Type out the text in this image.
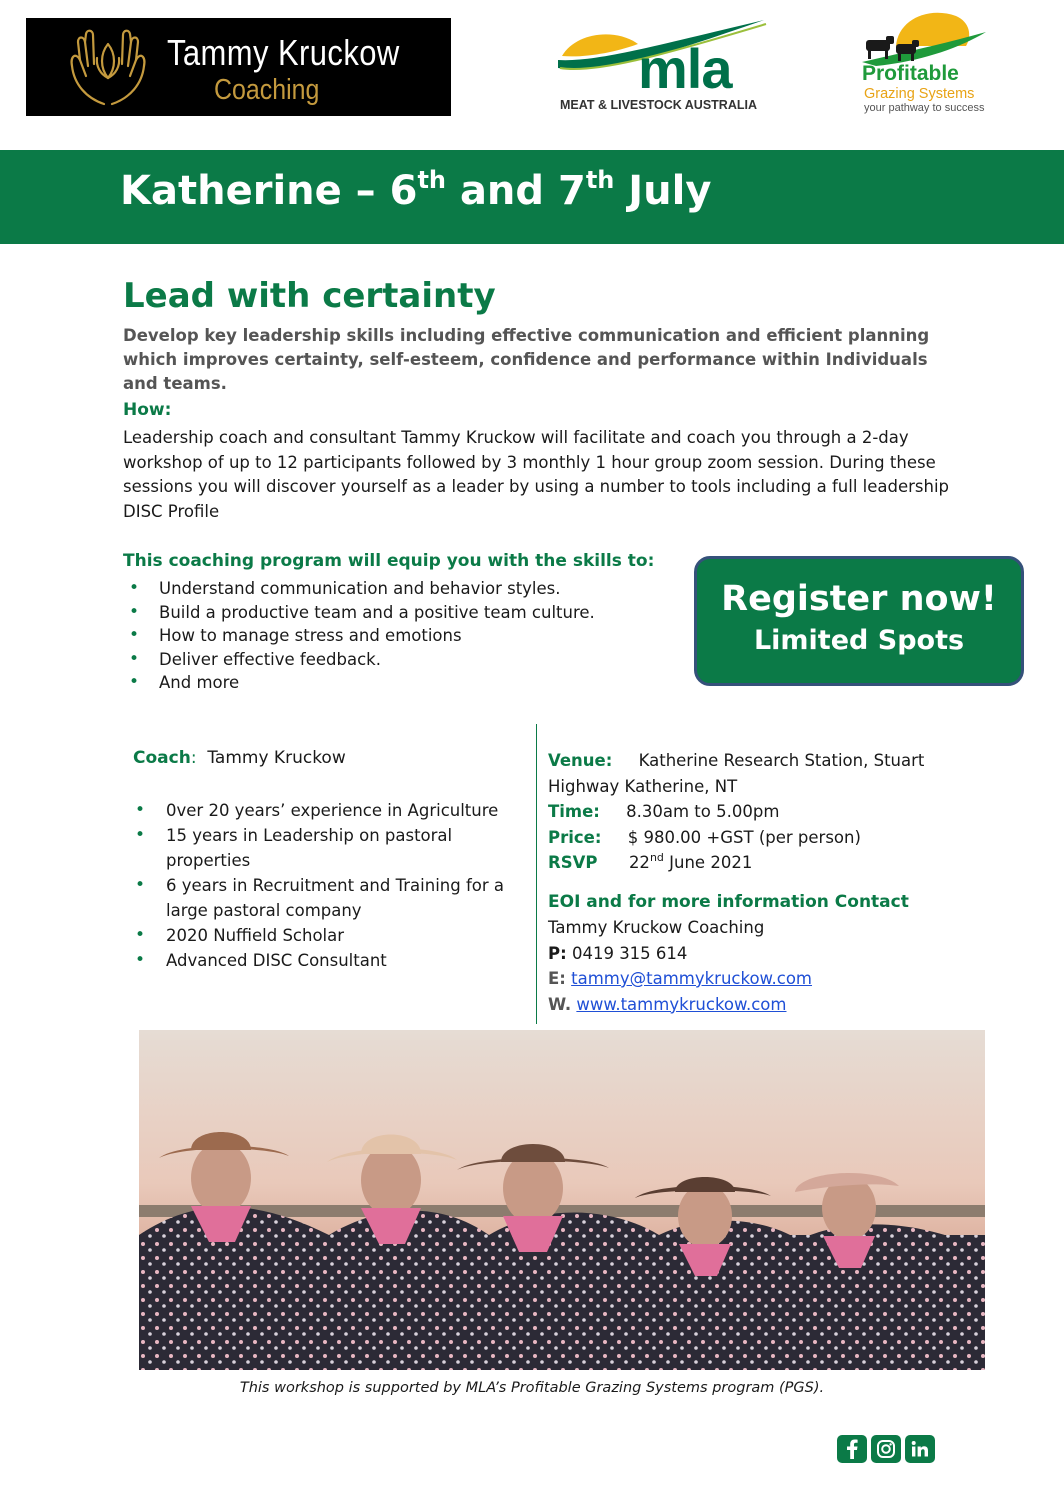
Tammy Kruckow
Coaching	mla
MEAT & LIVESTOCK AUSTRALIA
Profitable
Grazing Systems
your pathway to success
Katherine – 6th and 7th July
Lead with certainty

Develop key leadership skills including effective communication and efficient planning which improves certainty, self-esteem, confidence and performance within Individuals and teams.

How:

Leadership coach and consultant Tammy Kruckow will facilitate and coach you through a 2-day workshop of up to 12 participants followed by 3 monthly 1 hour group zoom session. During these sessions you will discover yourself as a leader by using a number to tools including a full leadership DISC Profile

This coaching program will equip you with the skills to:
• Understand communication and behavior styles.
• Build a productive team and a positive team culture.
• How to manage stress and emotions
• Deliver effective feedback.
• And more
Register now!
Limited Spots
Coach: Tammy Kruckow
• 0ver 20 years’ experience in Agriculture
• 15 years in Leadership on pastoral properties
• 6 years in Recruitment and Training for a large pastoral company
• 2020 Nuffield Scholar
• Advanced DISC Consultant
Venue: Katherine Research Station, Stuart
Highway Katherine, NT
Time: 8.30am to 5.00pm
Price: $ 980.00 +GST (per person)
RSVP 22nd June 2021
EOI and for more information Contact
Tammy Kruckow Coaching
P: 0419 315 614
E: tammy@tammykruckow.com
W. www.tammykruckow.com
This workshop is supported by MLA’s Profitable Grazing Systems program (PGS).
